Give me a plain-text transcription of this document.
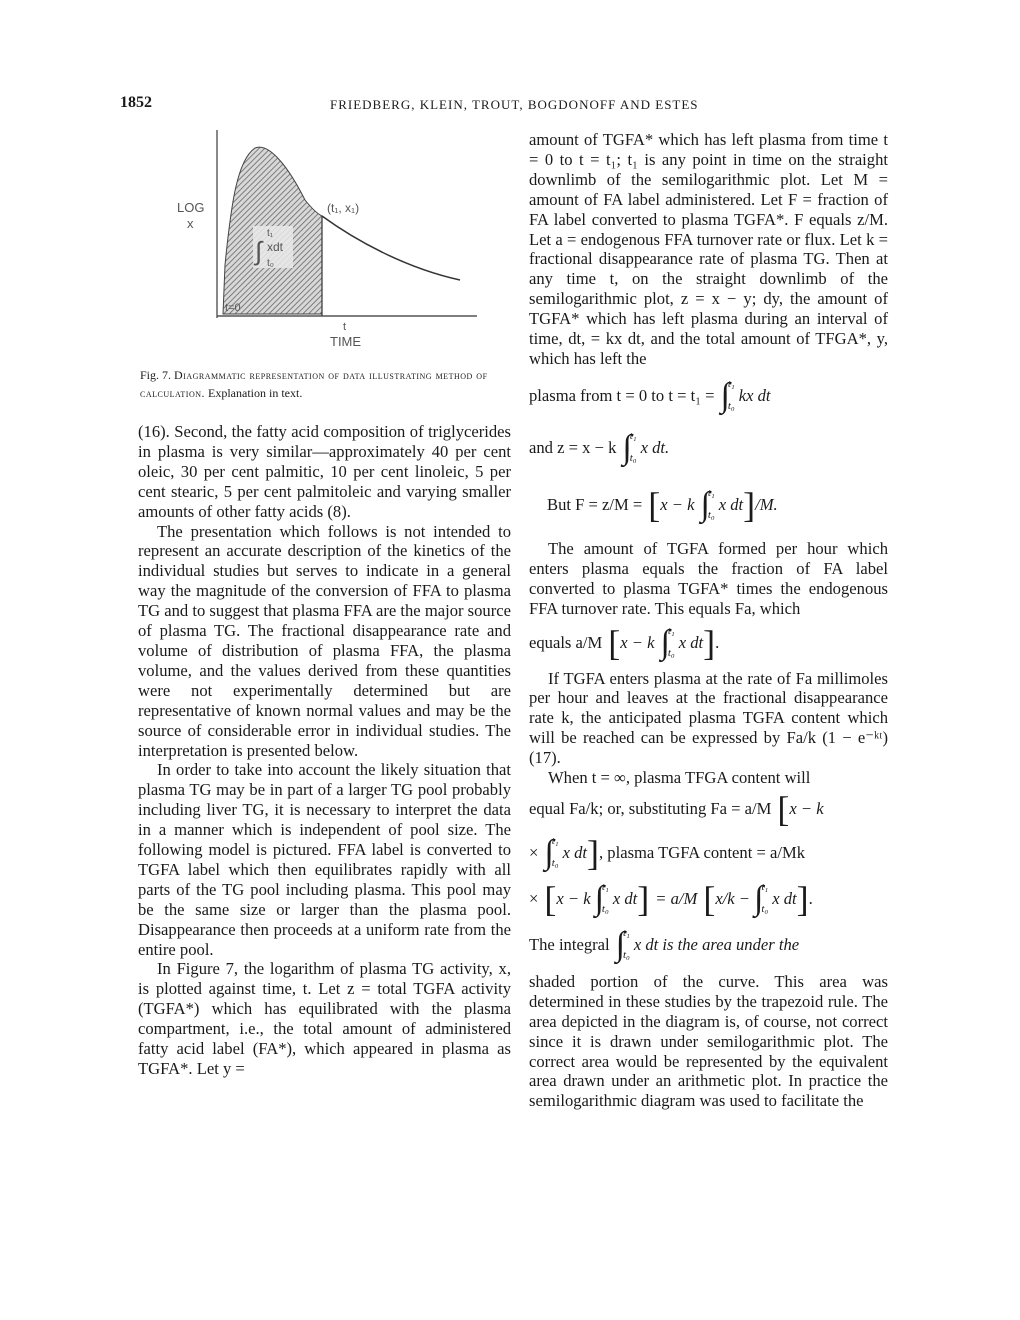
1852	FRIEDBERG, KLEIN, TROUT, BOGDONOFF AND ESTES
LOG
x
t
TIME
(t₁, x₁)
∫
t₁
xdt
t₀
t=0
Fig. 7. Diagrammatic representation of data illustrating method of calculation. Explanation in text.

(16). Second, the fatty acid composition of triglycerides in plasma is very similar—approximately 40 per cent oleic, 30 per cent palmitic, 10 per cent linoleic, 5 per cent stearic, 5 per cent palmitoleic and varying smaller amounts of other fatty acids (8).

The presentation which follows is not intended to represent an accurate description of the kinetics of the individual studies but serves to indicate in a general way the magnitude of the conversion of FFA to plasma TG and to suggest that plasma FFA are the major source of plasma TG. The fractional disappearance rate and volume of distribution of plasma FFA, the plasma volume, and the values derived from these quantities were not experimentally determined but are representative of known normal values and may be the source of considerable error in individual studies. The interpretation is presented below.

In order to take into account the likely situation that plasma TG may be in part of a larger TG pool probably including liver TG, it is necessary to interpret the data in a manner which is independent of pool size. The following model is pictured. FFA label is converted to TGFA label which then equilibrates rapidly with all parts of the TG pool including plasma. This pool may be the same size or larger than the plasma pool. Disappearance then proceeds at a uniform rate from the entire pool.

In Figure 7, the logarithm of plasma TG activity, x, is plotted against time, t. Let z = total TGFA activity (TGFA*) which has equilibrated with the plasma compartment, i.e., the total amount of administered fatty acid label (FA*), which appeared in plasma as TGFA*. Let y =

amount of TGFA* which has left plasma from time t = 0 to t = t₁; t₁ is any point in time on the straight downlimb of the semilogarithmic plot. Let M = amount of FA label administered. Let F = fraction of FA label converted to plasma TGFA*. F equals z/M. Let a = endogenous FFA turnover rate or flux. Let k = fractional disappearance rate of plasma TG. Then at any time t, on the straight downlimb of the semilogarithmic plot, z = x − y; dy, the amount of TGFA* which has left plasma during an interval of time, dt, = kx dt, and the total amount of TFGA*, y, which has left the

plasma from t = 0 to t = t₁ = ∫
t₁
t₀
kx dt
and z = x − k ∫
t₁
t₀
x dt.
But F = z/M = [ x − k ∫
t₁
t₀
x dt ] /M.

The amount of TGFA formed per hour which enters plasma equals the fraction of FA label converted to plasma TGFA* times the endogenous FFA turnover rate. This equals Fa, which

equals a/M [ x − k ∫
t₁
t₀
x dt ] .

If TGFA enters plasma at the rate of Fa millimoles per hour and leaves at the fractional disappearance rate k, the anticipated plasma TGFA content which will be reached can be expressed by Fa/k (1 − e⁻ᵏᵗ) (17).

When t = ∞, plasma TFGA content will

equal Fa/k; or, substituting Fa = a/M [ x − k
× ∫
t₁
t₀
x dt ] , plasma TGFA content = a/Mk
× [ x − k ∫
t₁
t₀
x dt ] = a/M [ x/k − ∫
t₁
t₀
x dt ] .
The integral ∫
t₁
t₀
x dt is the area under the

shaded portion of the curve. This area was determined in these studies by the trapezoid rule. The area depicted in the diagram is, of course, not correct since it is drawn under semilogarithmic plot. The correct area would be represented by the equivalent area drawn under an arithmetic plot. In practice the semilogarithmic diagram was used to facilitate the
